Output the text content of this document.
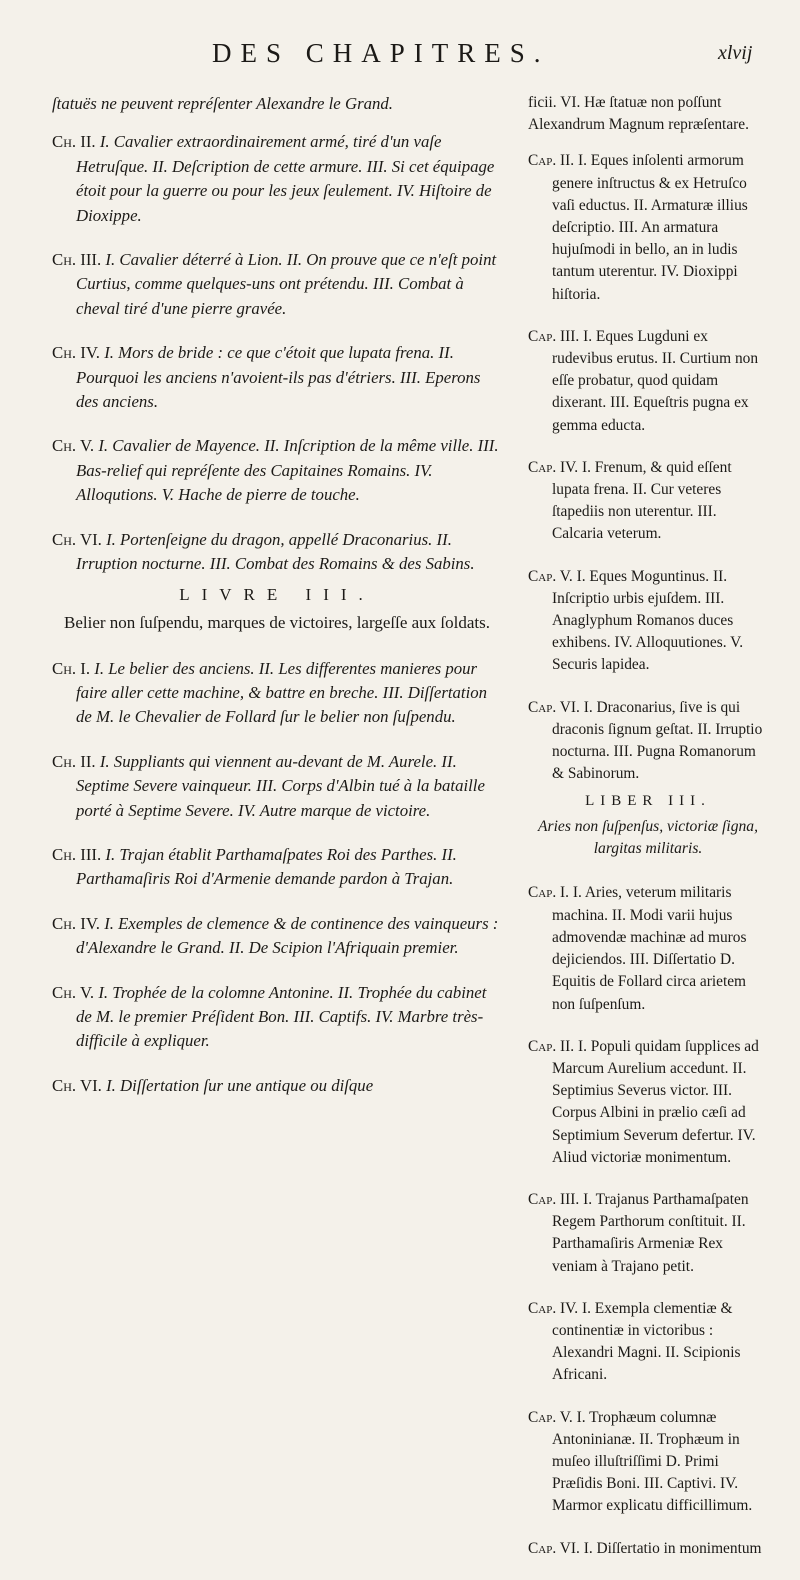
DES CHAPITRES.	xlvij
ſtatuës ne peuvent repréſenter Alexandre le Grand.
Ch. II. I. Cavalier extraordinairement armé, tiré d'un vaſe Hetruſque. II. Deſcription de cette armure. III. Si cet équipage étoit pour la guerre ou pour les jeux ſeulement. IV. Hiſtoire de Dioxippe.
Ch. III. I. Cavalier déterré à Lion. II. On prouve que ce n'eſt point Curtius, comme quelques-uns ont prétendu. III. Combat à cheval tiré d'une pierre gravée.
Ch. IV. I. Mors de bride : ce que c'étoit que lupata frena. II. Pourquoi les anciens n'avoient-ils pas d'étriers. III. Eperons des anciens.
Ch. V. I. Cavalier de Mayence. II. Inſcription de la même ville. III. Bas-relief qui repréſente des Capitaines Romains. IV. Alloqutions. V. Hache de pierre de touche.
Ch. VI. I. Portenſeigne du dragon, appellé Draconarius. II. Irruption nocturne. III. Combat des Romains & des Sabins.
LIVRE III.
Belier non ſuſpendu, marques de victoires, largeſſe aux ſoldats.
Ch. I. I. Le belier des anciens. II. Les differentes manieres pour faire aller cette machine, & battre en breche. III. Diſſertation de M. le Chevalier de Follard ſur le belier non ſuſpendu.
Ch. II. I. Suppliants qui viennent au-devant de M. Aurele. II. Septime Severe vainqueur. III. Corps d'Albin tué à la bataille porté à Septime Severe. IV. Autre marque de victoire.
Ch. III. I. Trajan établit Parthamaſpates Roi des Parthes. II. Parthamaſiris Roi d'Armenie demande pardon à Trajan.
Ch. IV. I. Exemples de clemence & de continence des vainqueurs : d'Alexandre le Grand. II. De Scipion l'Afriquain premier.
Ch. V. I. Trophée de la colomne Antonine. II. Trophée du cabinet de M. le premier Préſident Bon. III. Captifs. IV. Marbre très-difficile à expliquer.
Ch. VI. I. Diſſertation ſur une antique ou diſque
ficii. VI. Hæ ſtatuæ non poſſunt Alexandrum Magnum repræſentare.
Cap. II. I. Eques inſolenti armorum genere inſtructus & ex Hetruſco vaſi eductus. II. Armaturæ illius deſcriptio. III. An armatura hujuſmodi in bello, an in ludis tantum uterentur. IV. Dioxippi hiſtoria.
Cap. III. I. Eques Lugduni ex rudevibus erutus. II. Curtium non eſſe probatur, quod quidam dixerant. III. Equeſtris pugna ex gemma educta.
Cap. IV. I. Frenum, & quid eſſent lupata frena. II. Cur veteres ſtapediis non uterentur. III. Calcaria veterum.
Cap. V. I. Eques Moguntinus. II. Inſcriptio urbis ejuſdem. III. Anaglyphum Romanos duces exhibens. IV. Alloquutiones. V. Securis lapidea.
Cap. VI. I. Draconarius, ſive is qui draconis ſignum geſtat. II. Irruptio nocturna. III. Pugna Romanorum & Sabinorum.
LIBER III.
Aries non ſuſpenſus, victoriæ ſigna, largitas militaris.
Cap. I. I. Aries, veterum militaris machina. II. Modi varii hujus admovendæ machinæ ad muros dejiciendos. III. Diſſertatio D. Equitis de Follard circa arietem non ſuſpenſum.
Cap. II. I. Populi quidam ſupplices ad Marcum Aurelium accedunt. II. Septimius Severus victor. III. Corpus Albini in prælio cæſi ad Septimium Severum defertur. IV. Aliud victoriæ monimentum.
Cap. III. I. Trajanus Parthamaſpaten Regem Parthorum conſtituit. II. Parthamaſiris Armeniæ Rex veniam à Trajano petit.
Cap. IV. I. Exempla clementiæ & continentiæ in victoribus : Alexandri Magni. II. Scipionis Africani.
Cap. V. I. Trophæum columnæ Antoninianæ. II. Trophæum in muſeo illuſtriſſimi D. Primi Præſidis Boni. III. Captivi. IV. Marmor explicatu difficillimum.
Cap. VI. I. Diſſertatio in monimentum
